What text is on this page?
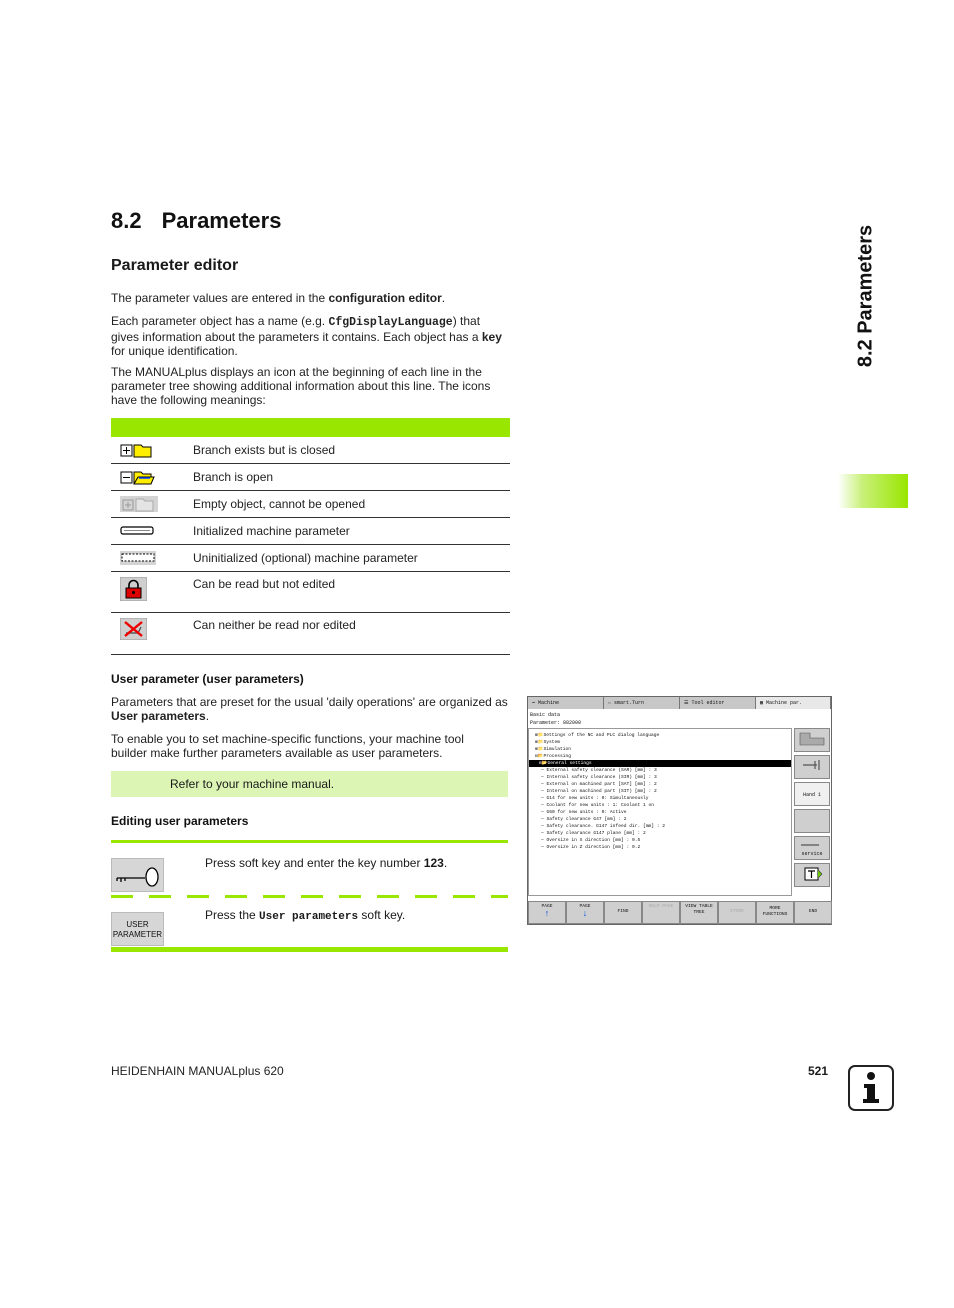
8.2 Parameters
Parameter editor
The parameter values are entered in the configuration editor.
Each parameter object has a name (e.g. CfgDisplayLanguage) that gives information about the parameters it contains. Each object has a key for unique identification.
The MANUALplus displays an icon at the beginning of each line in the parameter tree showing additional information about this line. The icons have the following meanings:
Branch exists but is closed
Branch is open
Empty object, cannot be opened
Initialized machine parameter
Uninitialized (optional) machine parameter
Can be read but not edited
Can neither be read nor edited
User parameter (user parameters)
Parameters that are preset for the usual 'daily operations' are organized as User parameters.
To enable you to set machine-specific functions, your machine tool builder make further parameters available as user parameters.
Refer to your machine manual.
Editing user parameters
Press soft key and enter the key number 123.
USER
PARAMETER
Press the User parameters soft key.
8.2 Parameters
➡ Machine	⇔ smart.Turn	☰ Tool editor	▦ Machine par.
Basic data
Parameter: 882000
⊞📁Settings of the NC and PLC dialog language
⊞📁System
⊞📁Simulation
⊟📂Processing
⊟📂General settings
— External safety clearance (SAR) [mm] : 3
— Internal safety clearance (SIR) [mm] : 3
— External on machined part [SAT] [mm] : 2
— Internal on machined part (SIT) [mm] : 2
— G14 for new units : 0: Simultaneously
— Coolant for new units : 1: Coolant 1 on
— G60 for new units : 0: Active
— Safety clearance G47 [mm] : 2
— Safety clearance. G147 infeed dir. [mm] : 2
— Safety clearance G147 plane [mm] : 2
— Oversize in X direction [mm] : 0.5
— Oversize in Z direction [mm] : 0.2
Hand 1
service
PAGE
↑
PAGE
↓	FIND
HELP PAGE	VIEW TABLE TREE	STORE
MORE FUNCTIONS
END
HEIDENHAIN MANUALplus 620	521
